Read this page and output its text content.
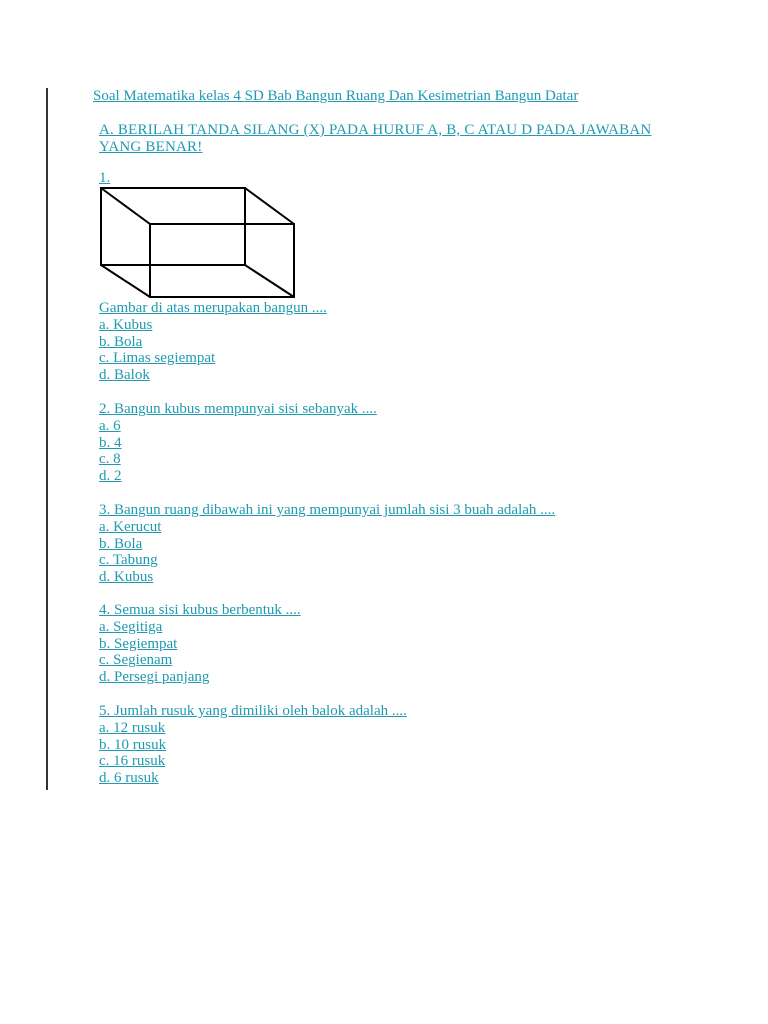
Soal Matematika kelas 4 SD Bab Bangun Ruang Dan Kesimetrian Bangun Datar
A. BERILAH TANDA SILANG (X) PADA HURUF A, B, C ATAU D PADA JAWABAN
YANG BENAR!
1.
Gambar di atas merupakan bangun ....
a. Kubus
b. Bola
c. Limas segiempat
d. Balok
2. Bangun kubus mempunyai sisi sebanyak ....
a. 6
b. 4
c. 8
d. 2
3. Bangun ruang dibawah ini yang mempunyai jumlah sisi 3 buah adalah ....
a. Kerucut
b. Bola
c. Tabung
d. Kubus
4. Semua sisi kubus berbentuk ....
a. Segitiga
b. Segiempat
c. Segienam
d. Persegi panjang
5. Jumlah rusuk yang dimiliki oleh balok adalah ....
a. 12 rusuk
b. 10 rusuk
c. 16 rusuk
d. 6 rusuk
